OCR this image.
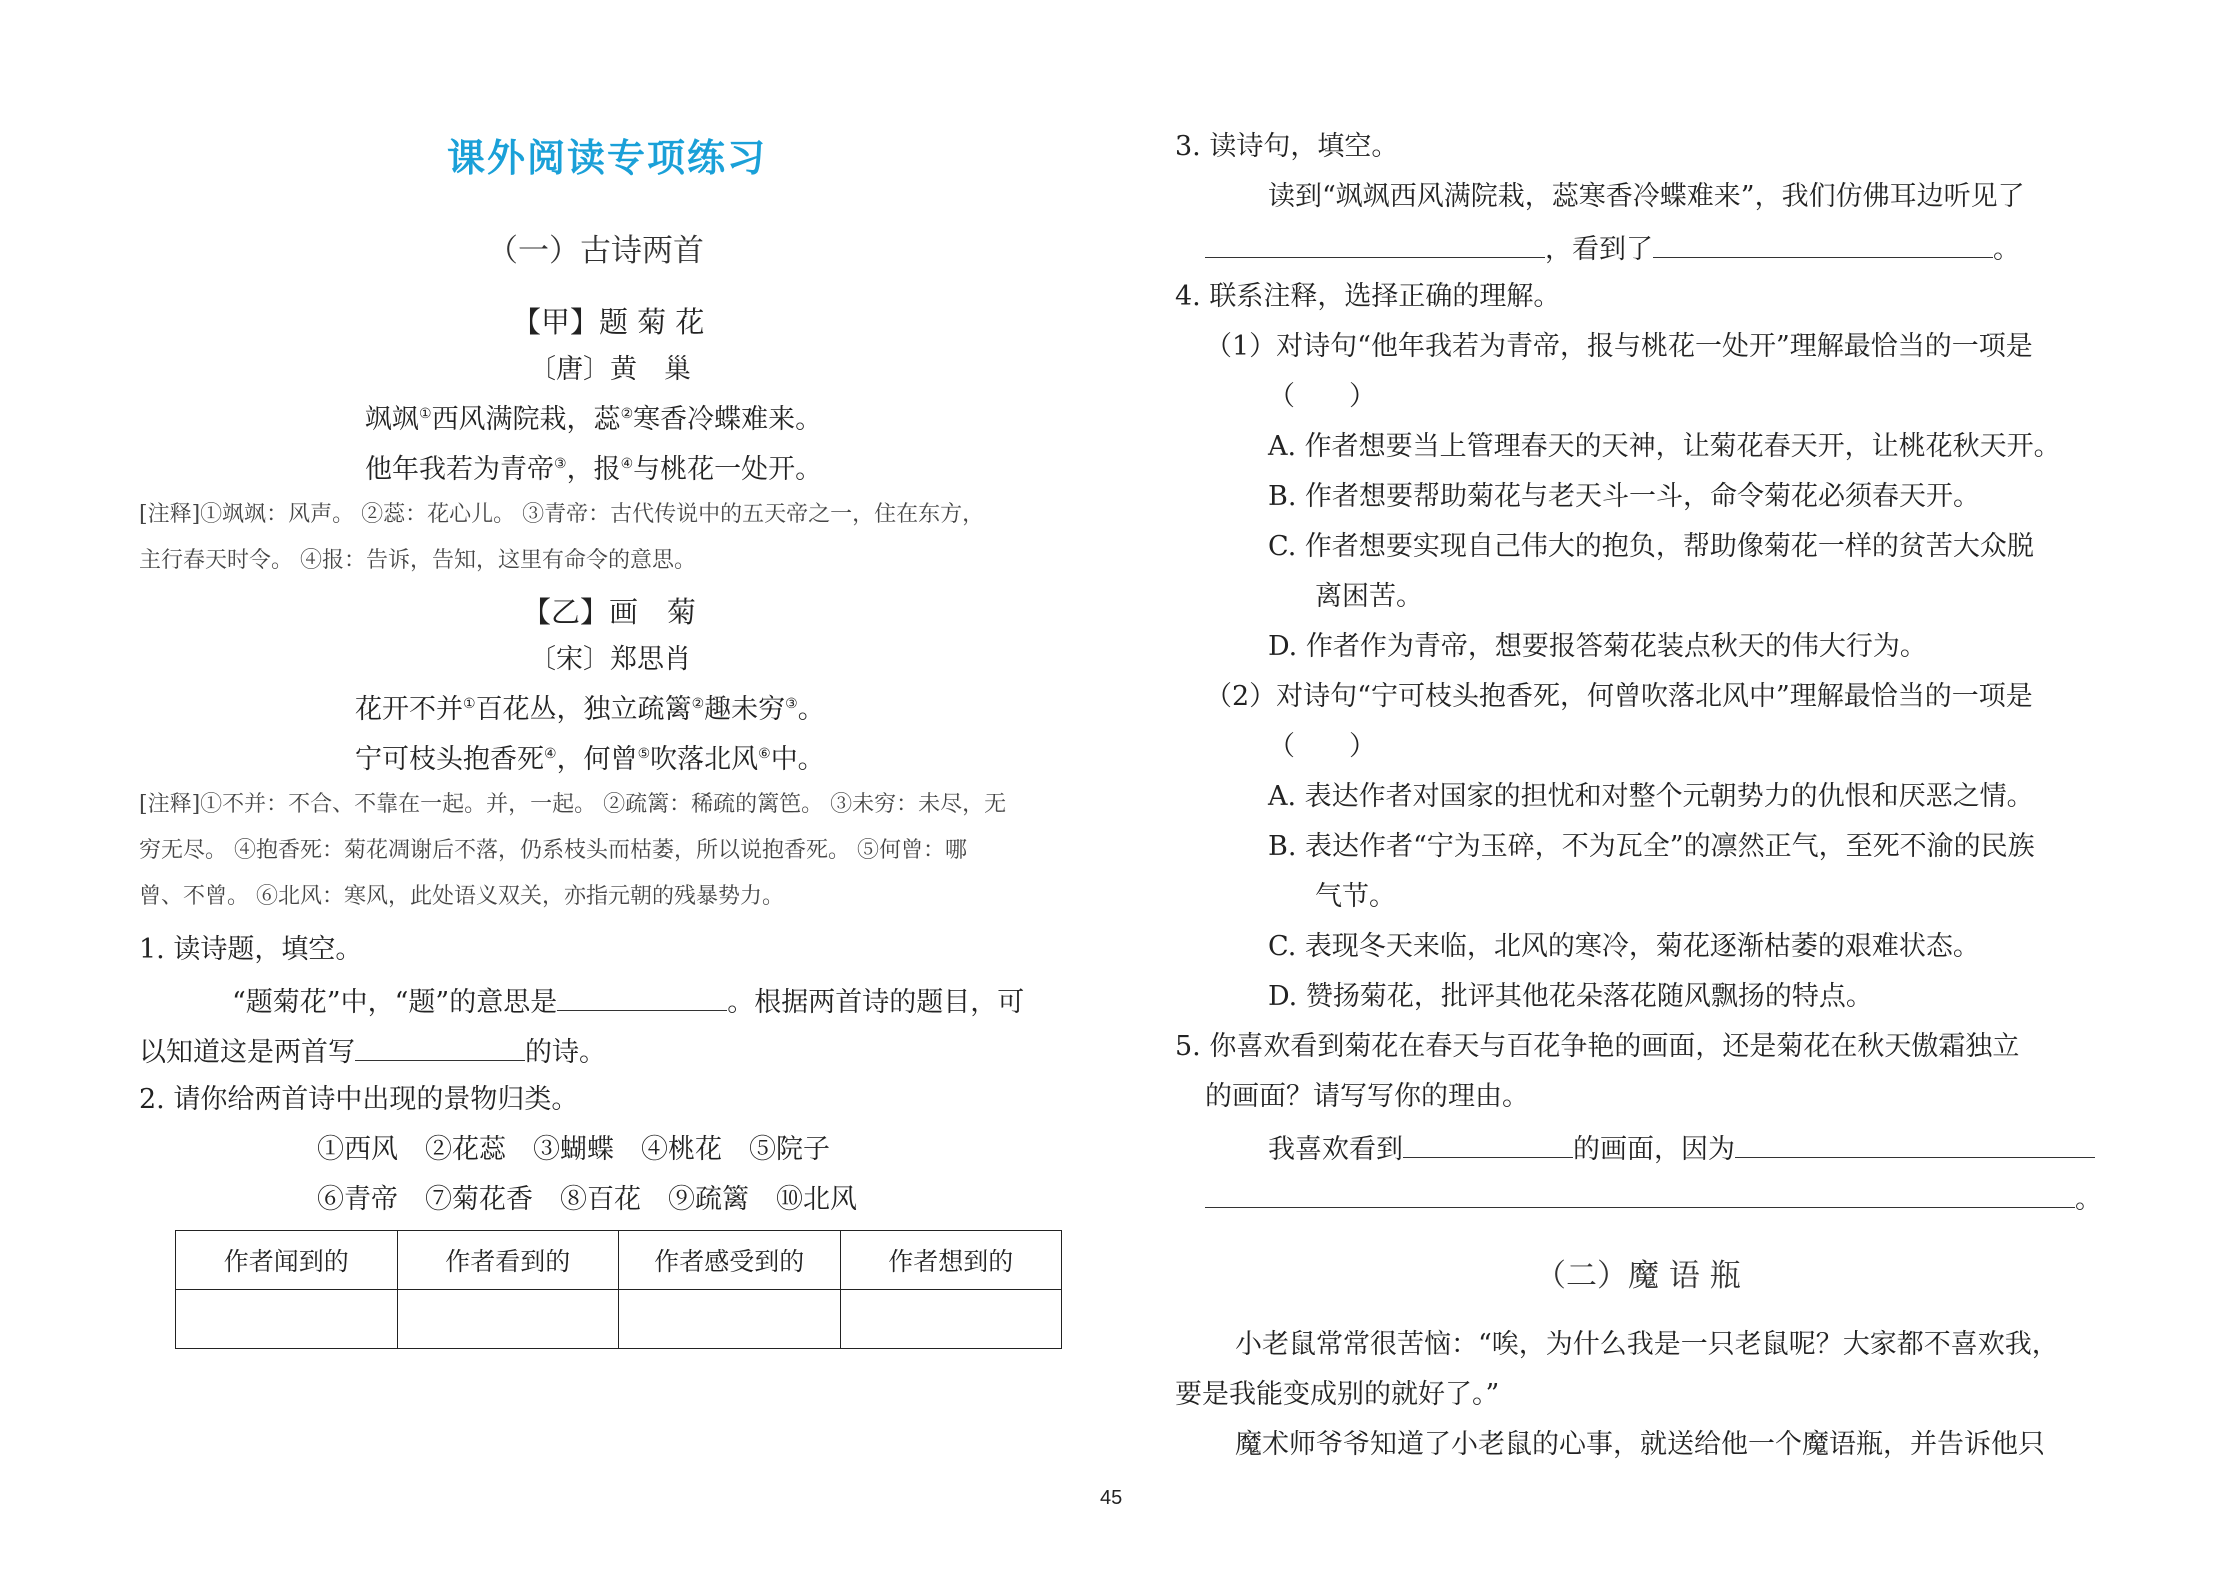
课外阅读专项练习
（一）古诗两首
【甲】题 菊 花
〔唐〕黄　巢
飒飒①西风满院栽，蕊②寒香冷蝶难来。
他年我若为青帝③，报④与桃花一处开。
[注释]①飒飒：风声。 ②蕊：花心儿。 ③青帝：古代传说中的五天帝之一，住在东方，
主行春天时令。 ④报：告诉，告知，这里有命令的意思。
【乙】画　菊
〔宋〕郑思肖
花开不并①百花丛，独立疏篱②趣未穷③。
宁可枝头抱香死④，何曾⑤吹落北风⑥中。
[注释]①不并：不合、不靠在一起。并，一起。 ②疏篱：稀疏的篱笆。 ③未穷：未尽，无
穷无尽。 ④抱香死：菊花凋谢后不落，仍系枝头而枯萎，所以说抱香死。 ⑤何曾：哪
曾、不曾。 ⑥北风：寒风，此处语义双关，亦指元朝的残暴势力。
1. 读诗题，填空。
“题菊花”中，“题”的意思是	。根据两首诗的题目，可
以知道这是两首写	的诗。
2. 请你给两首诗中出现的景物归类。
①西风　 ②花蕊　 ③蝴蝶　 ④桃花　 ⑤院子
⑥青帝　 ⑦菊花香　 ⑧百花　 ⑨疏篱　 ⑩北风
作者闻到的	作者看到的	作者感受到的	作者想到的

3. 读诗句，填空。
读到“飒飒西风满院栽，蕊寒香冷蝶难来”，我们仿佛耳边听见了
，看到了	。
4. 联系注释，选择正确的理解。
（1）对诗句“他年我若为青帝，报与桃花一处开”理解最恰当的一项是
（　　）
A. 作者想要当上管理春天的天神，让菊花春天开，让桃花秋天开。
B. 作者想要帮助菊花与老天斗一斗，命令菊花必须春天开。
C. 作者想要实现自己伟大的抱负，帮助像菊花一样的贫苦大众脱
离困苦。
D. 作者作为青帝，想要报答菊花装点秋天的伟大行为。
（2）对诗句“宁可枝头抱香死，何曾吹落北风中”理解最恰当的一项是
（　　）
A. 表达作者对国家的担忧和对整个元朝势力的仇恨和厌恶之情。
B. 表达作者“宁为玉碎，不为瓦全”的凛然正气，至死不渝的民族
气节。
C. 表现冬天来临，北风的寒冷，菊花逐渐枯萎的艰难状态。
D. 赞扬菊花，批评其他花朵落花随风飘扬的特点。
5. 你喜欢看到菊花在春天与百花争艳的画面，还是菊花在秋天傲霜独立
的画面？请写写你的理由。
我喜欢看到	的画面，因为
。
（二）魔 语 瓶
小老鼠常常很苦恼：“唉，为什么我是一只老鼠呢？大家都不喜欢我，
要是我能变成别的就好了。”
魔术师爷爷知道了小老鼠的心事，就送给他一个魔语瓶，并告诉他只
45
